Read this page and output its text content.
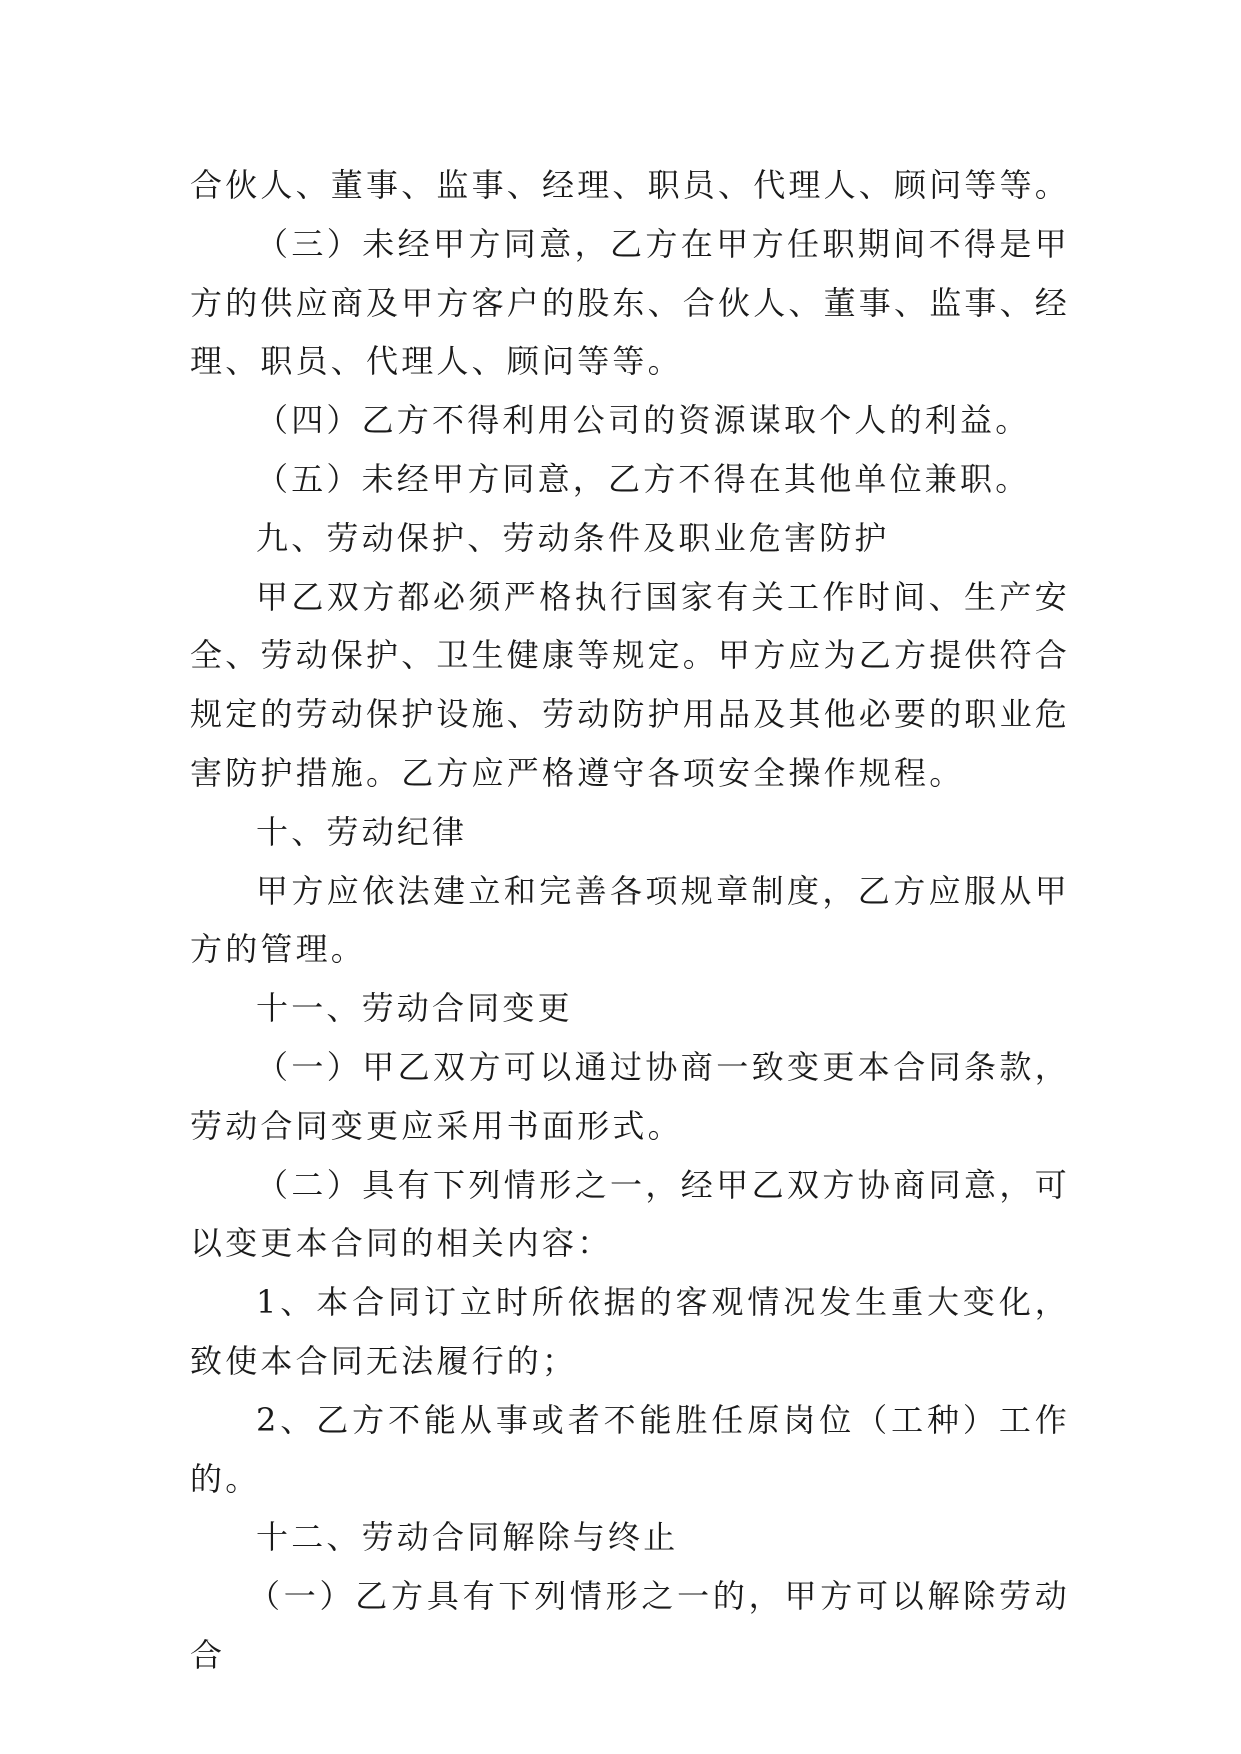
合伙人、董事、监事、经理、职员、代理人、顾问等等。

（三）未经甲方同意，乙方在甲方任职期间不得是甲方的供应商及甲方客户的股东、合伙人、董事、监事、经理、职员、代理人、顾问等等。

（四）乙方不得利用公司的资源谋取个人的利益。

（五）未经甲方同意，乙方不得在其他单位兼职。

九、劳动保护、劳动条件及职业危害防护

甲乙双方都必须严格执行国家有关工作时间、生产安全、劳动保护、卫生健康等规定。甲方应为乙方提供符合规定的劳动保护设施、劳动防护用品及其他必要的职业危害防护措施。乙方应严格遵守各项安全操作规程。

十、劳动纪律

甲方应依法建立和完善各项规章制度，乙方应服从甲方的管理。

十一、劳动合同变更

（一）甲乙双方可以通过协商一致变更本合同条款，劳动合同变更应采用书面形式。

（二）具有下列情形之一，经甲乙双方协商同意，可以变更本合同的相关内容：

1、本合同订立时所依据的客观情况发生重大变化，致使本合同无法履行的；

2、乙方不能从事或者不能胜任原岗位（工种）工作的。

十二、劳动合同解除与终止

（一）乙方具有下列情形之一的，甲方可以解除劳动合
